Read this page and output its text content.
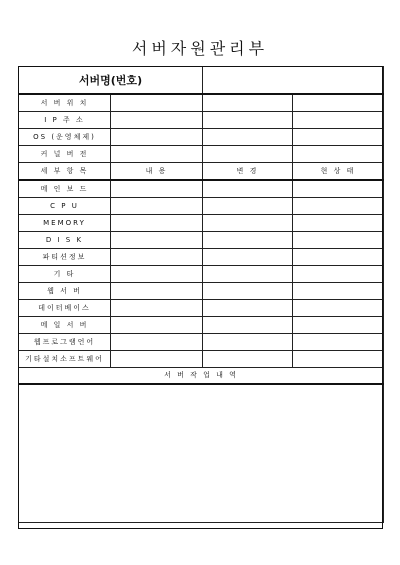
서버자원관리부
서버명(번호)			
서 버 위 치			
I P 주 소			
OS (운영체제)			
커 널 버 전			
세 부 항 목	내 용	변 경	현 상 태
메 인 보 드			
C P U			
MEMORY			
D I S K			
파티션정보			
기 타			
웹 서 버			
데이터베이스			
메 일 서 버			
웹프로그램언어			
기타설치소프트웨어			
서 버 작 업 내 역			
